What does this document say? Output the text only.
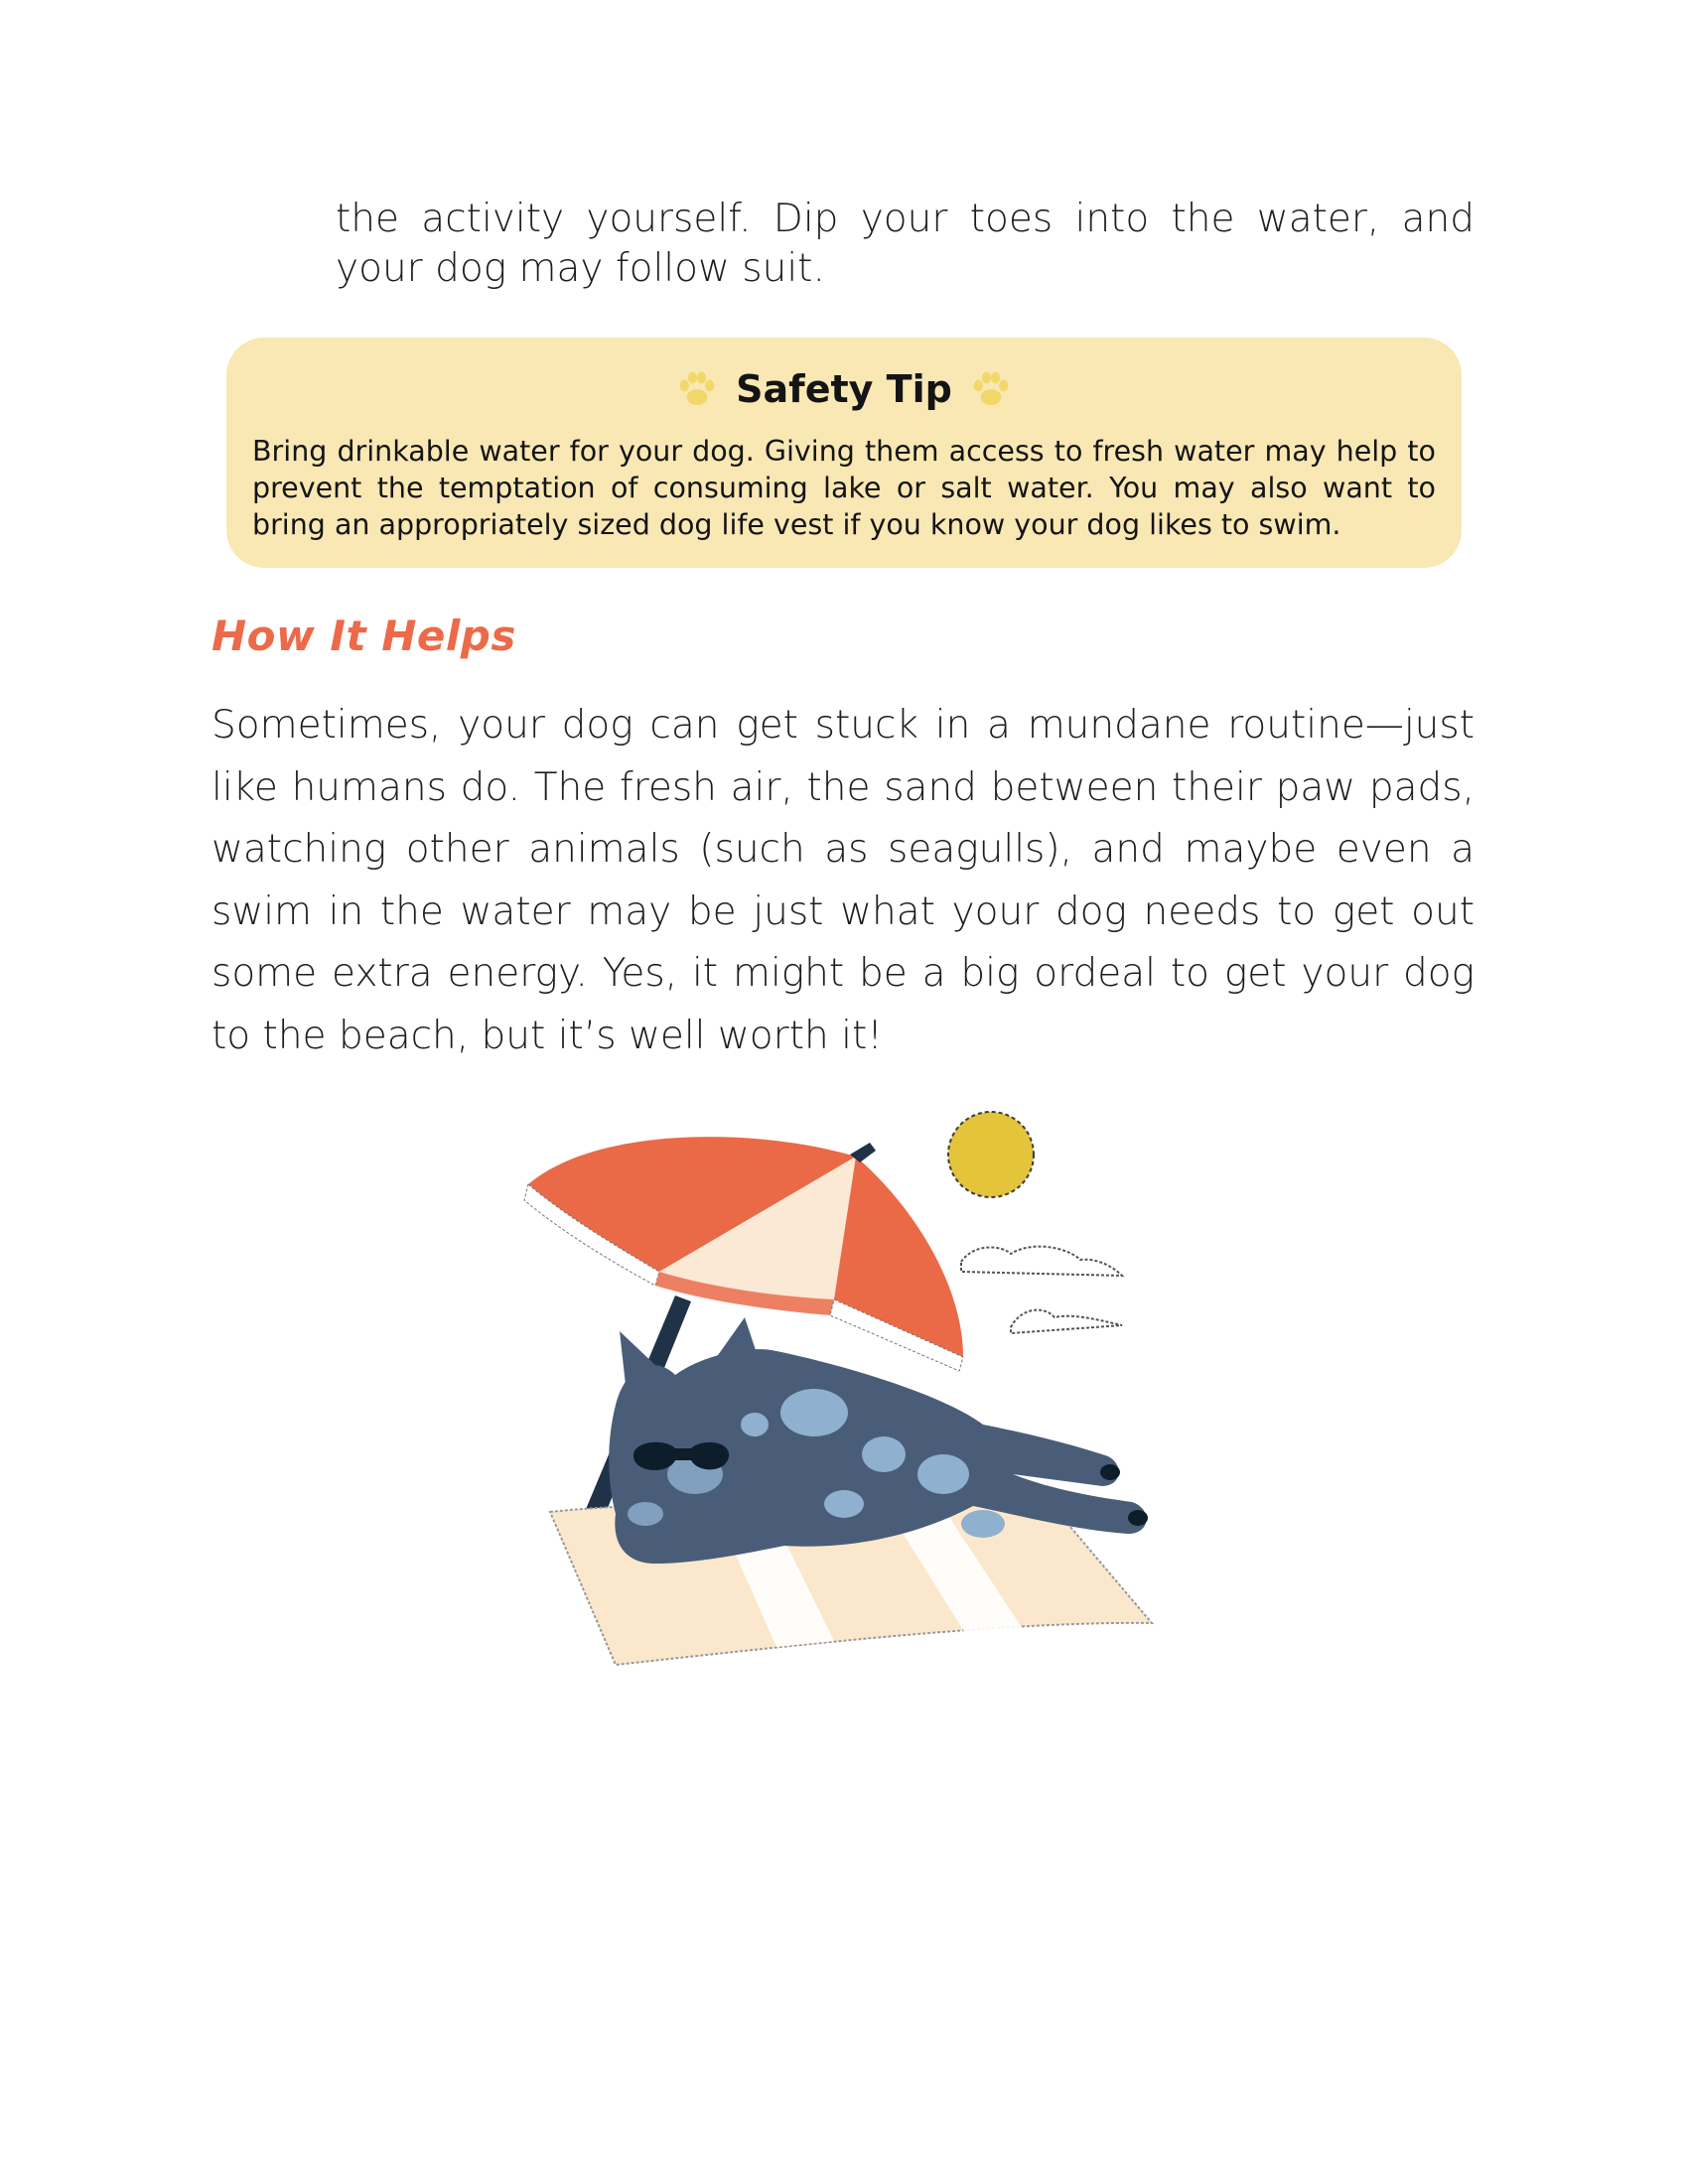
the activity yourself. Dip your toes into the water, and your dog may follow suit.

Safety Tip

Bring drinkable water for your dog. Giving them access to fresh water may help to prevent the temptation of consuming lake or salt water. You may also want to bring an appropriately sized dog life vest if you know your dog likes to swim.

How It Helps

Sometimes, your dog can get stuck in a mundane routine—just like humans do. The fresh air, the sand between their paw pads, watching other animals (such as seagulls), and maybe even a swim in the water may be just what your dog needs to get out some extra energy. Yes, it might be a big ordeal to get your dog to the beach, but it’s well worth it!
